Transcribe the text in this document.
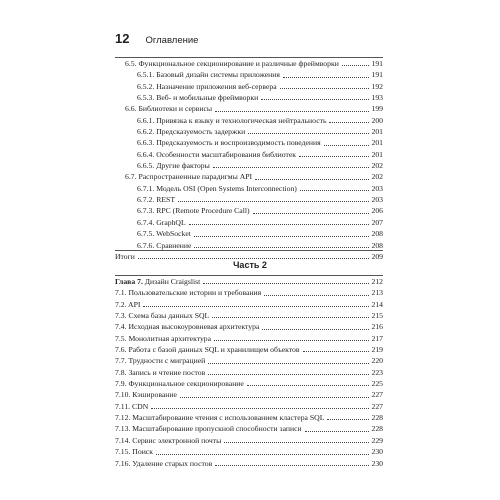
12 Оглавление
6.5. Функциональное секционирование и различные фреймворки	191
6.5.1. Базовый дизайн системы приложения	191
6.5.2. Назначение приложения веб-сервера	192
6.5.3. Веб- и мобильные фреймворки	193
6.6. Библиотеки и сервисы	199
6.6.1. Привязка к языку и технологическая нейтральность	200
6.6.2. Предсказуемость задержки	201
6.6.3. Предсказуемость и воспроизводимость поведения	201
6.6.4. Особенности масштабирования библиотек	201
6.6.5. Другие факторы	202
6.7. Распространенные парадигмы API	202
6.7.1. Модель OSI (Open Systems Interconnection)	203
6.7.2. REST	203
6.7.3. RPC (Remote Procedure Call)	206
6.7.4. GraphQL	207
6.7.5. WebSocket	208
6.7.6. Сравнение	208
Итоги	209
Часть 2
Глава 7. Дизайн Craigslist	212
7.1. Пользовательские истории и требования	213
7.2. API	214
7.3. Схема базы данных SQL	215
7.4. Исходная высокоуровневая архитектура	216
7.5. Монолитная архитектура	217
7.6. Работа с базой данных SQL и хранилищем объектов	219
7.7. Трудности с миграцией	220
7.8. Запись и чтение постов	223
7.9. Функциональное секционирование	225
7.10. Кэширование	227
7.11. CDN	227
7.12. Масштабирование чтения с использованием кластера SQL	228
7.13. Масштабирование пропускной способности записи	228
7.14. Сервис электронной почты	229
7.15. Поиск	230
7.16. Удаление старых постов	230
